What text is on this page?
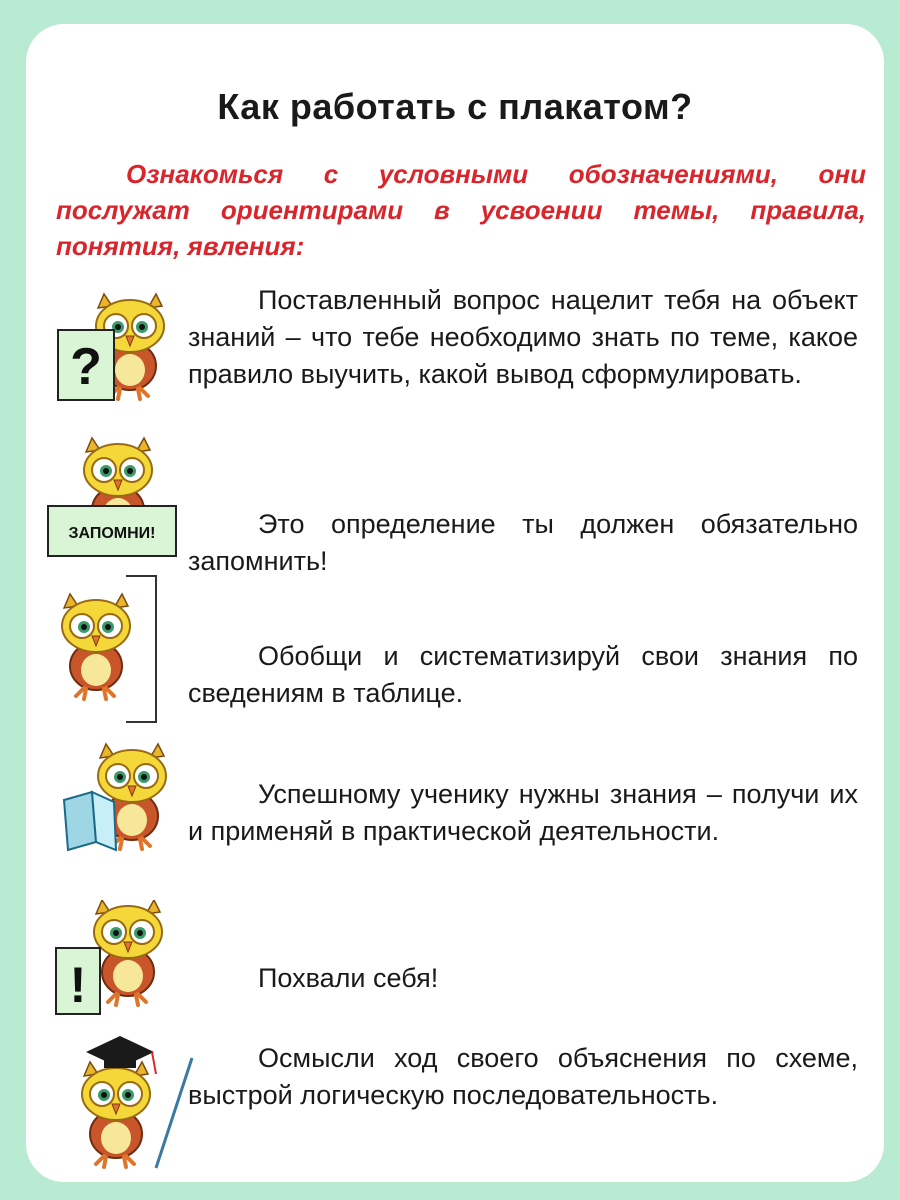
Как работать с плакатом?

Ознакомься с условными обозначениями, они послужат ориентирами в усвоении темы, правила, понятия, явления:

?

Поставленный вопрос нацелит тебя на объект знаний – что тебе необходимо знать по теме, какое правило выучить, какой вывод сформулировать.

ЗАПОМНИ!	Это определение ты должен обязательно запомнить!

Обобщи и систематизируй свои знания по сведениям в таблице.

Успешному ученику нужны знания – получи их и применяй в практической деятельности.

!	Похвали себя!

Осмысли ход своего объяснения по схеме, выстрой логическую последовательность.
